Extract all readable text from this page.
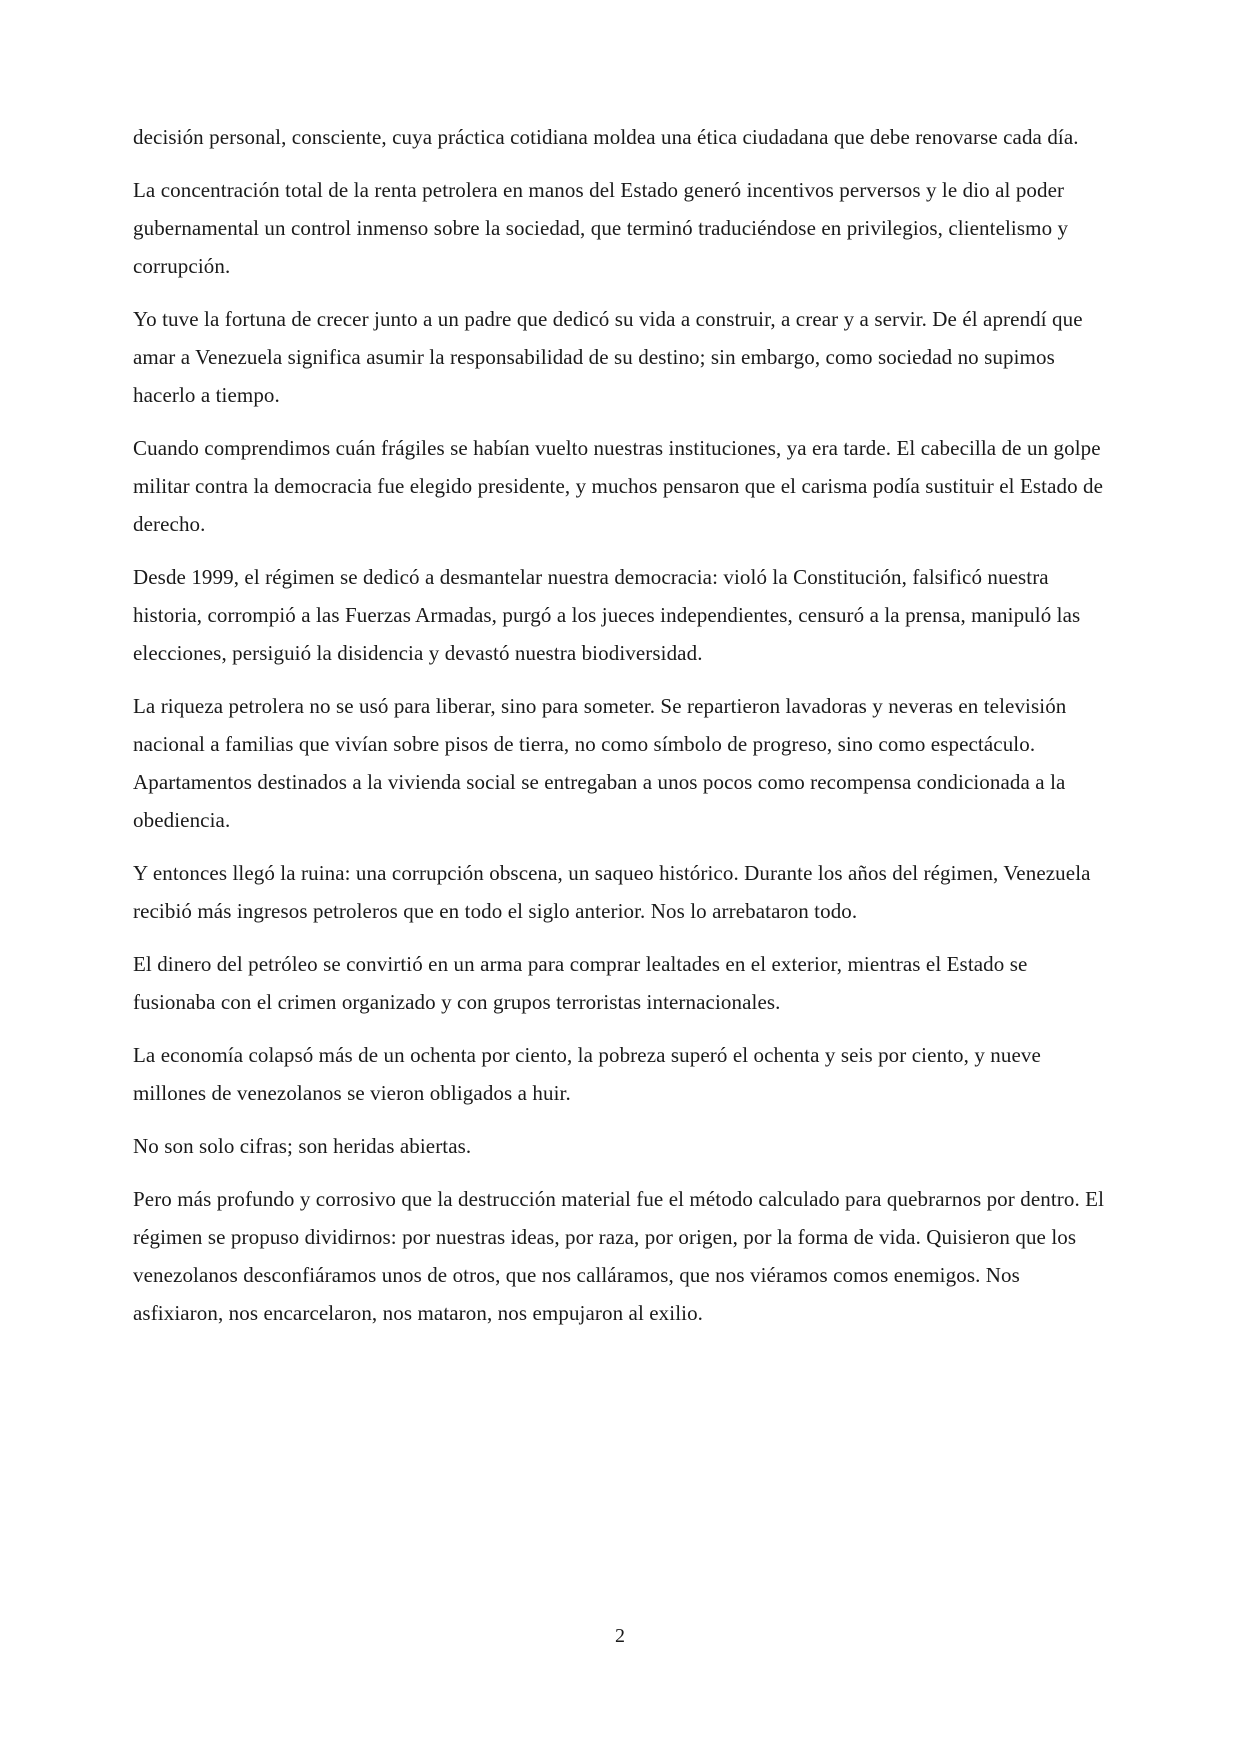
decisión personal, consciente, cuya práctica cotidiana moldea una ética ciudadana que debe renovarse cada día.

La concentración total de la renta petrolera en manos del Estado generó incentivos perversos y le dio al poder gubernamental un control inmenso sobre la sociedad, que terminó traduciéndose en privilegios, clientelismo y corrupción.

Yo tuve la fortuna de crecer junto a un padre que dedicó su vida a construir, a crear y a servir. De él aprendí que amar a Venezuela significa asumir la responsabilidad de su destino; sin embargo, como sociedad no supimos hacerlo a tiempo.

Cuando comprendimos cuán frágiles se habían vuelto nuestras instituciones, ya era tarde. El cabecilla de un golpe militar contra la democracia fue elegido presidente, y muchos pensaron que el carisma podía sustituir el Estado de derecho.

Desde 1999, el régimen se dedicó a desmantelar nuestra democracia: violó la Constitución, falsificó nuestra historia, corrompió a las Fuerzas Armadas, purgó a los jueces independientes, censuró a la prensa, manipuló las elecciones, persiguió la disidencia y devastó nuestra biodiversidad.

La riqueza petrolera no se usó para liberar, sino para someter. Se repartieron lavadoras y neveras en televisión nacional a familias que vivían sobre pisos de tierra, no como símbolo de progreso, sino como espectáculo. Apartamentos destinados a la vivienda social se entregaban a unos pocos como recompensa condicionada a la obediencia.

Y entonces llegó la ruina: una corrupción obscena, un saqueo histórico. Durante los años del régimen, Venezuela recibió más ingresos petroleros que en todo el siglo anterior. Nos lo arrebataron todo.

El dinero del petróleo se convirtió en un arma para comprar lealtades en el exterior, mientras el Estado se fusionaba con el crimen organizado y con grupos terroristas internacionales.

La economía colapsó más de un ochenta por ciento, la pobreza superó el ochenta y seis por ciento, y nueve millones de venezolanos se vieron obligados a huir.

No son solo cifras; son heridas abiertas.

Pero más profundo y corrosivo que la destrucción material fue el método calculado para quebrarnos por dentro. El régimen se propuso dividirnos: por nuestras ideas, por raza, por origen, por la forma de vida. Quisieron que los venezolanos desconfiáramos unos de otros, que nos calláramos, que nos viéramos comos enemigos. Nos asfixiaron, nos encarcelaron, nos mataron, nos empujaron al exilio.

2
